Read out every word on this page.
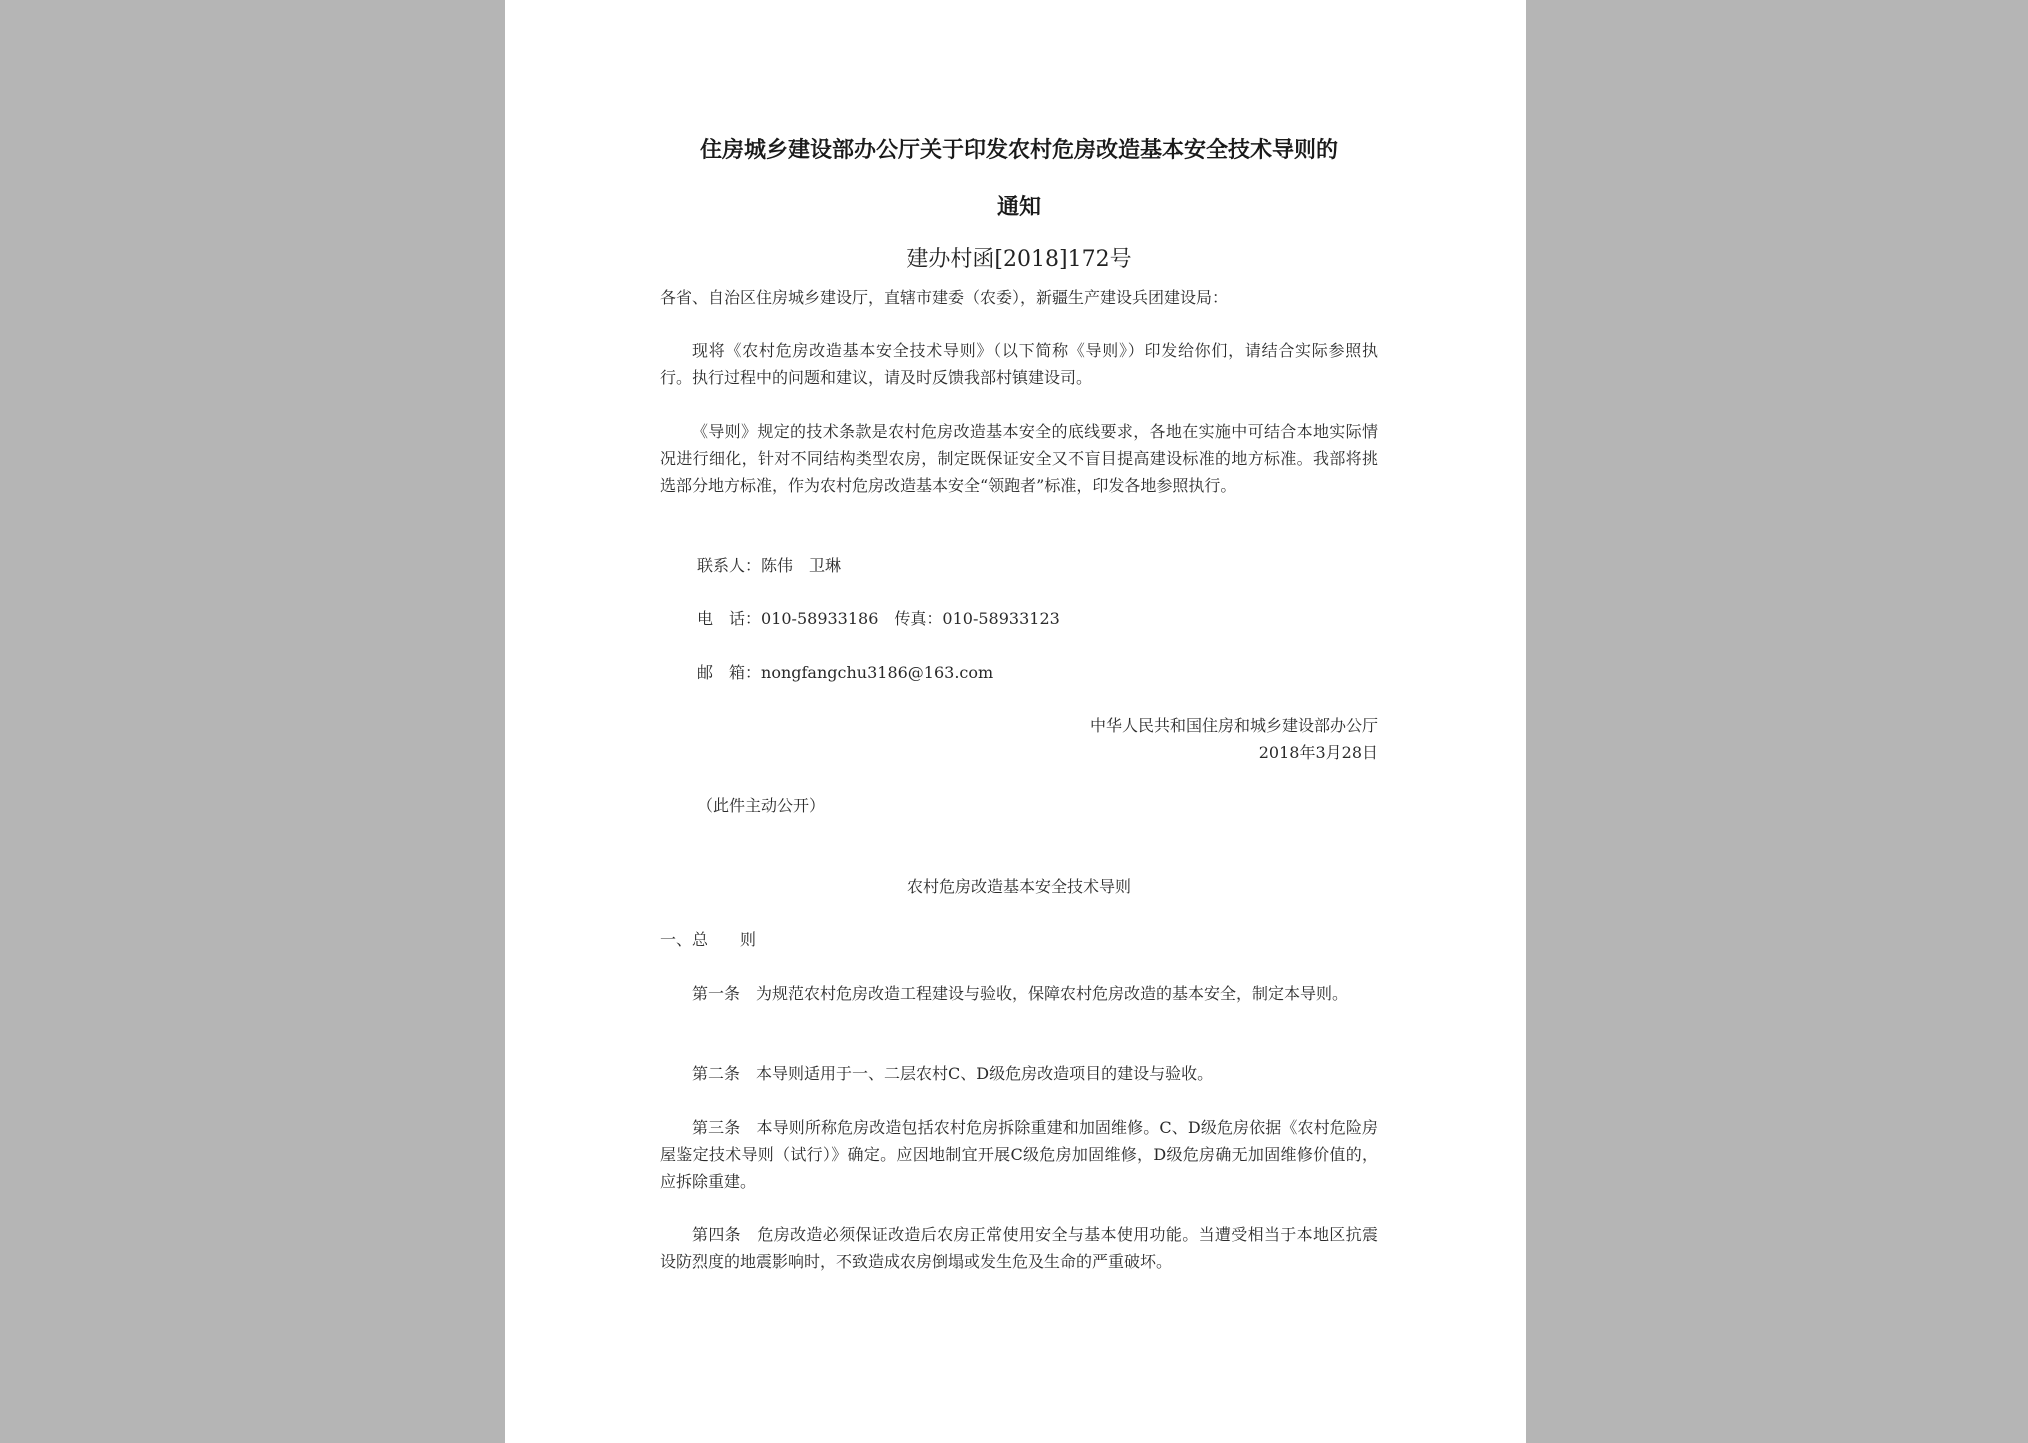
住房城乡建设部办公厅关于印发农村危房改造基本安全技术导则的
通知
建办村函[2018]172号
各省、自治区住房城乡建设厅，直辖市建委（农委），新疆生产建设兵团建设局：
现将《农村危房改造基本安全技术导则》（以下简称《导则》）印发给你们，请结合实际参照执行。执行过程中的问题和建议，请及时反馈我部村镇建设司。
《导则》规定的技术条款是农村危房改造基本安全的底线要求，各地在实施中可结合本地实际情况进行细化，针对不同结构类型农房，制定既保证安全又不盲目提高建设标准的地方标准。我部将挑选部分地方标准，作为农村危房改造基本安全“领跑者”标准，印发各地参照执行。
联系人：陈伟　卫琳
电　话：010-58933186 传真：010-58933123
邮　箱：nongfangchu3186@163.com
中华人民共和国住房和城乡建设部办公厅
2018年3月28日
（此件主动公开）
农村危房改造基本安全技术导则
一、总　　则
第一条　为规范农村危房改造工程建设与验收，保障农村危房改造的基本安全，制定本导则。
第二条　本导则适用于一、二层农村C、D级危房改造项目的建设与验收。
第三条　本导则所称危房改造包括农村危房拆除重建和加固维修。C、D级危房依据《农村危险房屋鉴定技术导则（试行）》确定。应因地制宜开展C级危房加固维修，D级危房确无加固维修价值的，应拆除重建。
第四条　危房改造必须保证改造后农房正常使用安全与基本使用功能。当遭受相当于本地区抗震设防烈度的地震影响时，不致造成农房倒塌或发生危及生命的严重破坏。
